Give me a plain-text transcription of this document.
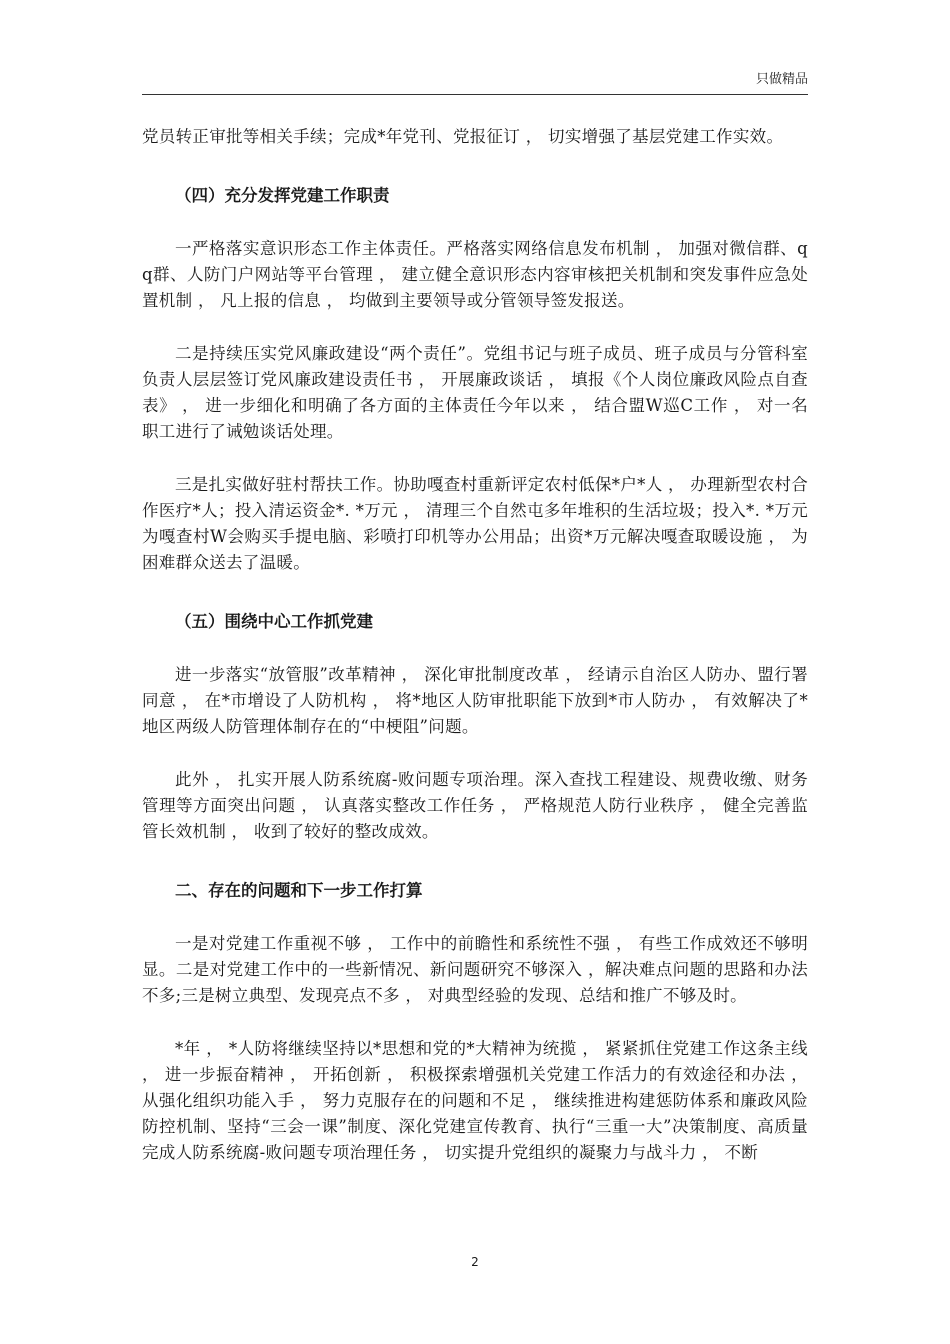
只做精品

党员转正审批等相关手续；完成*年党刊、党报征订 ， 切实增强了基层党建工作实效。

（四）充分发挥党建工作职责

一严格落实意识形态工作主体责任。严格落实网络信息发布机制 ， 加强对微信群、qq群、人防门户网站等平台管理 ， 建立健全意识形态内容审核把关机制和突发事件应急处置机制 ， 凡上报的信息 ， 均做到主要领导或分管领导签发报送。

二是持续压实党风廉政建设“两个责任”。党组书记与班子成员、班子成员与分管科室负责人层层签订党风廉政建设责任书 ， 开展廉政谈话 ， 填报《个人岗位廉政风险点自查表》 ， 进一步细化和明确了各方面的主体责任今年以来 ， 结合盟W巡C工作 ， 对一名职工进行了诫勉谈话处理。

三是扎实做好驻村帮扶工作。协助嘎查村重新评定农村低保*户*人 ， 办理新型农村合作医疗*人；投入清运资金*. *万元 ， 清理三个自然屯多年堆积的生活垃圾；投入*. *万元为嘎查村W会购买手提电脑、彩喷打印机等办公用品；出资*万元解决嘎查取暖设施 ， 为困难群众送去了温暖。

（五）围绕中心工作抓党建

进一步落实“放管服”改革精神 ， 深化审批制度改革 ， 经请示自治区人防办、盟行署同意 ， 在*市增设了人防机构 ， 将*地区人防审批职能下放到*市人防办 ， 有效解决了*地区两级人防管理体制存在的“中梗阻”问题。

此外 ， 扎实开展人防系统腐-败问题专项治理。深入查找工程建设、规费收缴、财务管理等方面突出问题 ， 认真落实整改工作任务 ， 严格规范人防行业秩序 ， 健全完善监管长效机制 ， 收到了较好的整改成效。

二、存在的问题和下一步工作打算

一是对党建工作重视不够 ， 工作中的前瞻性和系统性不强 ， 有些工作成效还不够明显。二是对党建工作中的一些新情况、新问题研究不够深入 ，解决难点问题的思路和办法不多;三是树立典型、发现亮点不多 ， 对典型经验的发现、总结和推广不够及时。

*年 ， *人防将继续坚持以*思想和党的*大精神为统揽 ， 紧紧抓住党建工作这条主线 ， 进一步振奋精神 ， 开拓创新 ， 积极探索增强机关党建工作活力的有效途径和办法 ， 从强化组织功能入手 ， 努力克服存在的问题和不足 ， 继续推进构建惩防体系和廉政风险防控机制、坚持“三会一课”制度、深化党建宣传教育、执行“三重一大”决策制度、高质量完成人防系统腐-败问题专项治理任务 ， 切实提升党组织的凝聚力与战斗力 ， 不断

2
